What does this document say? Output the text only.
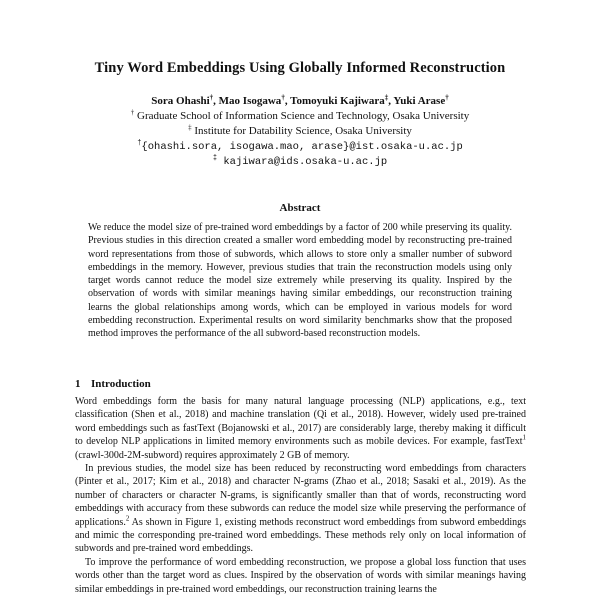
Tiny Word Embeddings Using Globally Informed Reconstruction
Sora Ohashi†, Mao Isogawa†, Tomoyuki Kajiwara‡, Yuki Arase†
† Graduate School of Information Science and Technology, Osaka University
‡ Institute for Datability Science, Osaka University
†{ohashi.sora, isogawa.mao, arase}@ist.osaka-u.ac.jp
‡ kajiwara@ids.osaka-u.ac.jp
Abstract
We reduce the model size of pre-trained word embeddings by a factor of 200 while preserving its quality. Previous studies in this direction created a smaller word embedding model by reconstructing pre-trained word representations from those of subwords, which allows to store only a smaller number of subword embeddings in the memory. However, previous studies that train the reconstruction models using only target words cannot reduce the model size extremely while preserving its quality. Inspired by the observation of words with similar meanings having similar embeddings, our reconstruction training learns the global relationships among words, which can be employed in various models for word embedding reconstruction. Experimental results on word similarity benchmarks show that the proposed method improves the performance of the all subword-based reconstruction models.
1 Introduction

Word embeddings form the basis for many natural language processing (NLP) applications, e.g., text classification (Shen et al., 2018) and machine translation (Qi et al., 2018). However, widely used pre-trained word embeddings such as fastText (Bojanowski et al., 2017) are considerably large, thereby making it difficult to develop NLP applications in limited memory environments such as mobile devices. For example, fastText$^1$ (crawl-300d-2M-subword) requires approximately 2 GB of memory.

In previous studies, the model size has been reduced by reconstructing word embeddings from characters (Pinter et al., 2017; Kim et al., 2018) and character N-grams (Zhao et al., 2018; Sasaki et al., 2019). As the number of characters or character N-grams, is significantly smaller than that of words, reconstructing word embeddings with accuracy from these subwords can reduce the model size while preserving the performance of applications.$^2$ As shown in Figure 1, existing methods reconstruct word embeddings from subword embeddings and mimic the corresponding pre-trained word embeddings. These methods rely only on local information of subwords and pre-trained word embeddings.

To improve the performance of word embedding reconstruction, we propose a global loss function that uses words other than the target word as clues. Inspired by the observation of words with similar meanings having similar embeddings in pre-trained word embeddings, our reconstruction training learns the
